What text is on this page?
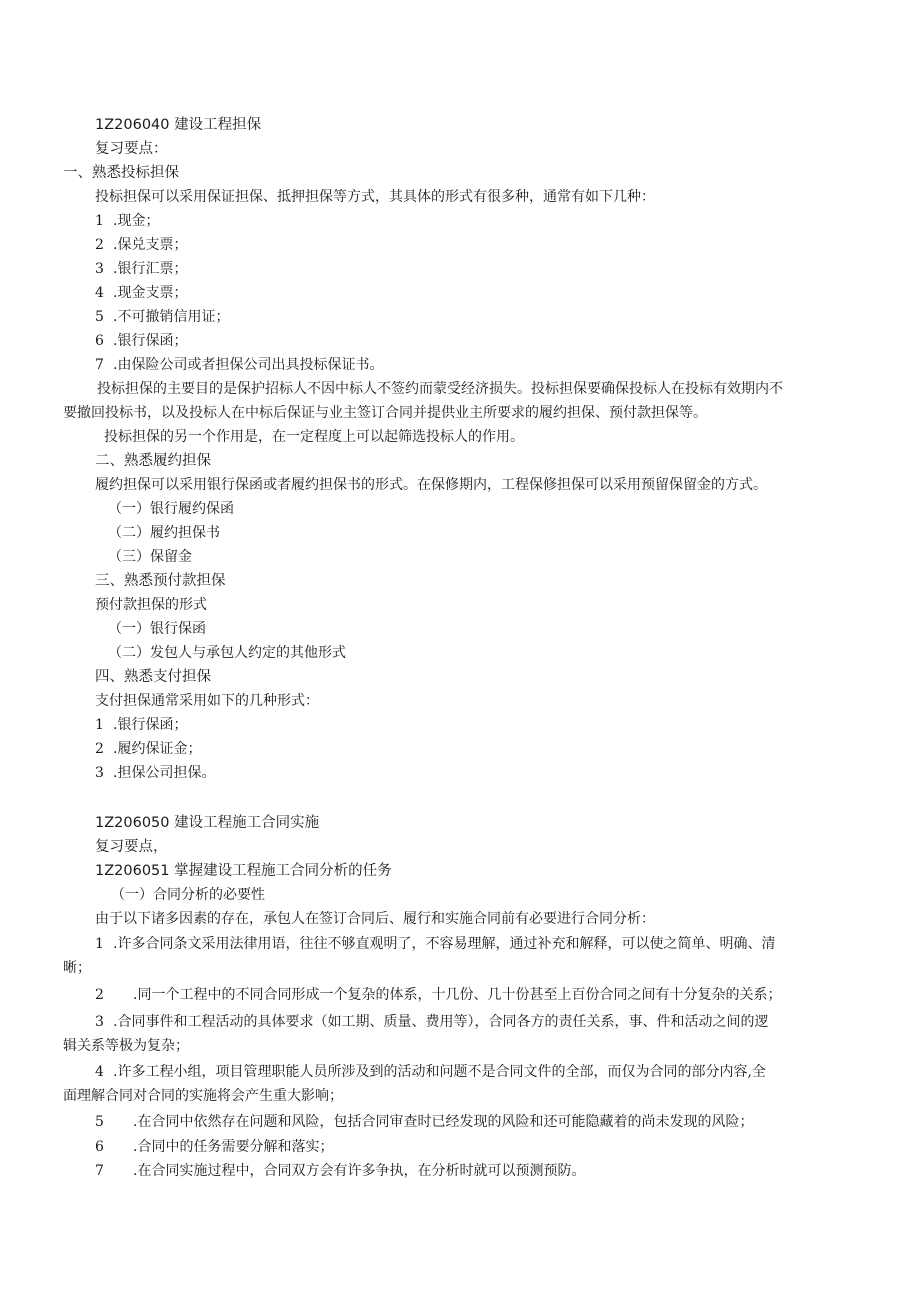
1Z206040 建设工程担保
复习要点：
一、熟悉投标担保
投标担保可以采用保证担保、抵押担保等方式，其具体的形式有很多种，通常有如下几种：
1 .现金；
2 .保兑支票；
3 .银行汇票；
4 .现金支票；
5 .不可撤销信用证；
6 .银行保函；
7 .由保险公司或者担保公司出具投标保证书。
投标担保的主要目的是保护招标人不因中标人不签约而蒙受经济损失。投标担保要确保投标人在投标有效期内不
要撤回投标书，以及投标人在中标后保证与业主签订合同并提供业主所要求的履约担保、预付款担保等。
投标担保的另一个作用是，在一定程度上可以起筛选投标人的作用。
二、熟悉履约担保
履约担保可以采用银行保函或者履约担保书的形式。在保修期内，工程保修担保可以采用预留保留金的方式。
（一）银行履约保函
（二）履约担保书
（三）保留金
三、熟悉预付款担保
预付款担保的形式
（一）银行保函
（二）发包人与承包人约定的其他形式
四、熟悉支付担保
支付担保通常采用如下的几种形式：
1 .银行保函；
2 .履约保证金；
3 .担保公司担保。
1Z206050 建设工程施工合同实施
复习要点，
1Z206051 掌握建设工程施工合同分析的任务
（一）合同分析的必要性
由于以下诸多因素的存在，承包人在签订合同后、履行和实施合同前有必要进行合同分析：
1 .许多合同条文采用法律用语，往往不够直观明了，不容易理解，通过补充和解释，可以使之简单、明确、清
晰；
2 .同一个工程中的不同合同形成一个复杂的体系，十几份、几十份甚至上百份合同之间有十分复杂的关系；
3 .合同事件和工程活动的具体要求（如工期、质量、费用等），合同各方的责任关系，事、件和活动之间的逻
辑关系等极为复杂；
4 .许多工程小组，项目管理职能人员所涉及到的活动和问题不是合同文件的全部，而仅为合同的部分内容,全
面理解合同对合同的实施将会产生重大影响；
5 .在合同中依然存在问题和风险，包括合同审查时已经发现的风险和还可能隐藏着的尚未发现的风险；
6 .合同中的任务需要分解和落实；
7 .在合同实施过程中，合同双方会有许多争执，在分析时就可以预测预防。
